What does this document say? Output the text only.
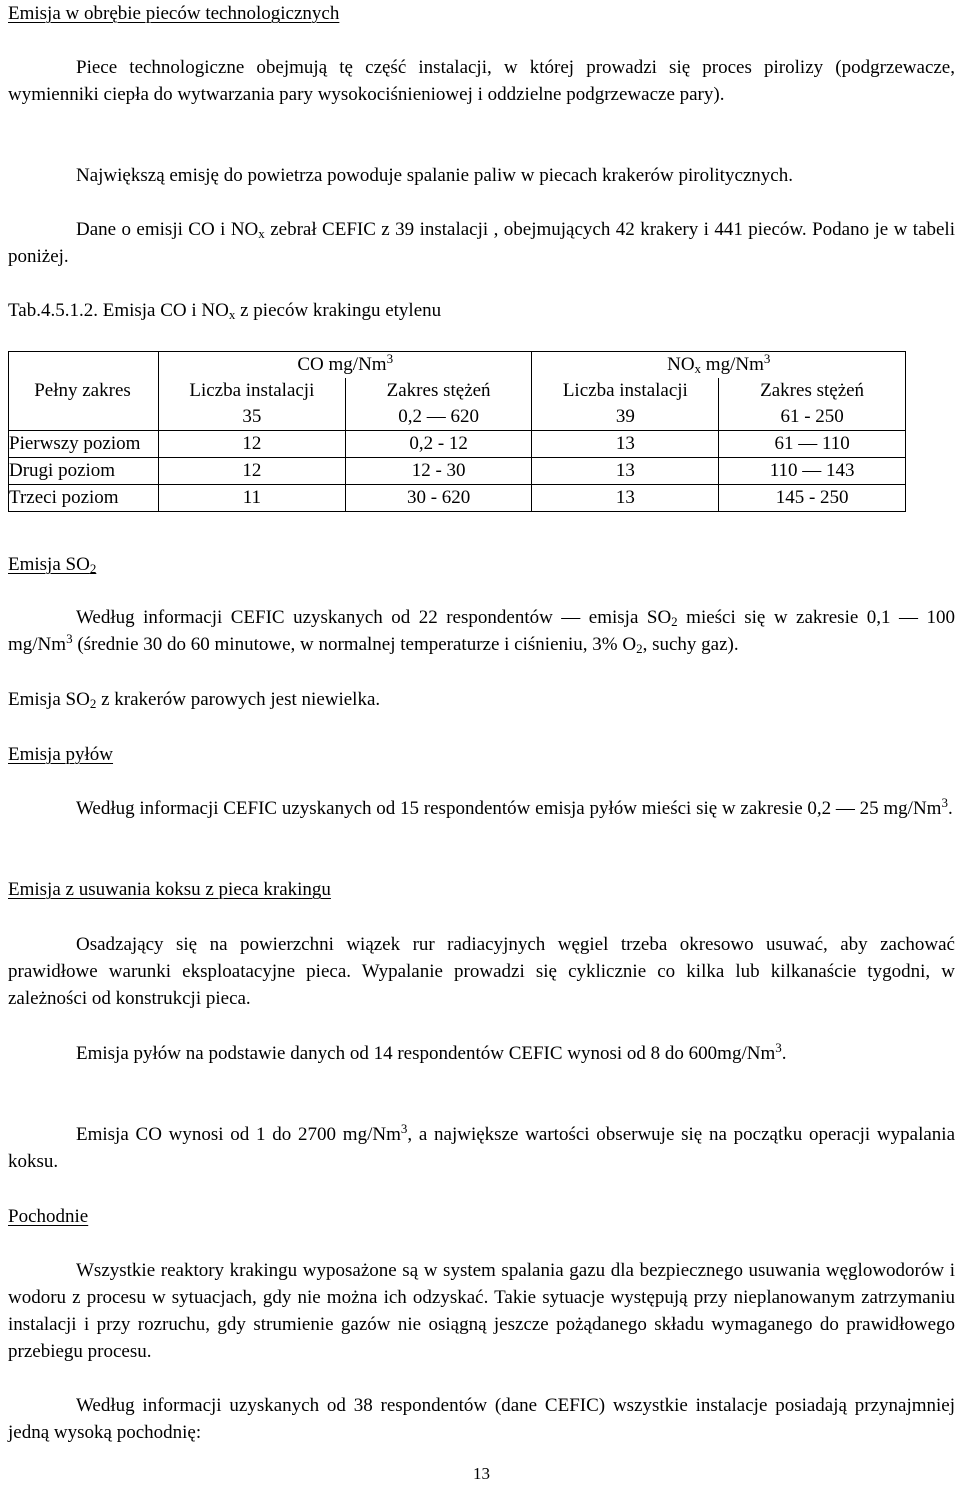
Emisja w obrębie pieców technologicznych

Piece technologiczne obejmują tę część instalacji, w której prowadzi się proces pirolizy (podgrzewacze, wymienniki ciepła do wytwarzania pary wysokociśnieniowej i oddzielne podgrzewacze pary).

Największą emisję do powietrza powoduje spalanie paliw w piecach krakerów pirolitycznych.

Dane o emisji CO i $NO_x$ zebrał CEFIC z 39 instalacji , obejmujących 42 krakery i 441 pieców. Podano je w tabeli poniżej.

Tab.4.5.1.2. Emisja CO i $NO_x$ z pieców krakingu etylenu
Pełny zakres	CO mg/Nm$^3$		$NO_x$ mg/Nm$^3$
	Liczba instalacji	Zakres stężeń	Liczba instalacji	Zakres stężeń
	35	0,2 ― 620	39	61 - 250
Pierwszy poziom	12	0,2 - 12	13	61 ― 110
Drugi poziom	12	12 - 30	13	110 ― 143
Trzeci poziom	11	30 - 620	13	145 - 250
Emisja $SO_2$

Według informacji CEFIC uzyskanych od 22 respondentów ― emisja $SO_2$ mieści się w zakresie 0,1 ― 100 mg/Nm$^3$ (średnie 30 do 60 minutowe, w normalnej temperaturze i ciśnieniu, 3% $O_2$, suchy gaz).

Emisja $SO_2$ z krakerów parowych jest niewielka.
Emisja pyłów

Według informacji CEFIC uzyskanych od 15 respondentów emisja pyłów mieści się w zakresie 0,2 ― 25 mg/Nm$^3$.

Emisja z usuwania koksu z pieca krakingu

Osadzający się na powierzchni wiązek rur radiacyjnych węgiel trzeba okresowo usuwać, aby zachować prawidłowe warunki eksploatacyjne pieca. Wypalanie prowadzi się cyklicznie co kilka lub kilkanaście tygodni, w zależności od konstrukcji pieca.

Emisja pyłów na podstawie danych od 14 respondentów CEFIC wynosi od 8 do 600mg/Nm$^3$.

Emisja CO wynosi od 1 do 2700 mg/Nm$^3$, a największe wartości obserwuje się na początku operacji wypalania koksu.

Pochodnie

Wszystkie reaktory krakingu wyposażone są w system spalania gazu dla bezpiecznego usuwania węglowodorów i wodoru z procesu w sytuacjach, gdy nie można ich odzyskać. Takie sytuacje występują przy nieplanowanym zatrzymaniu instalacji i przy rozruchu, gdy strumienie gazów nie osiągną jeszcze pożądanego składu wymaganego do prawidłowego przebiegu procesu.

Według informacji uzyskanych od 38 respondentów (dane CEFIC) wszystkie instalacje posiadają przynajmniej jedną wysoką pochodnię:

13
